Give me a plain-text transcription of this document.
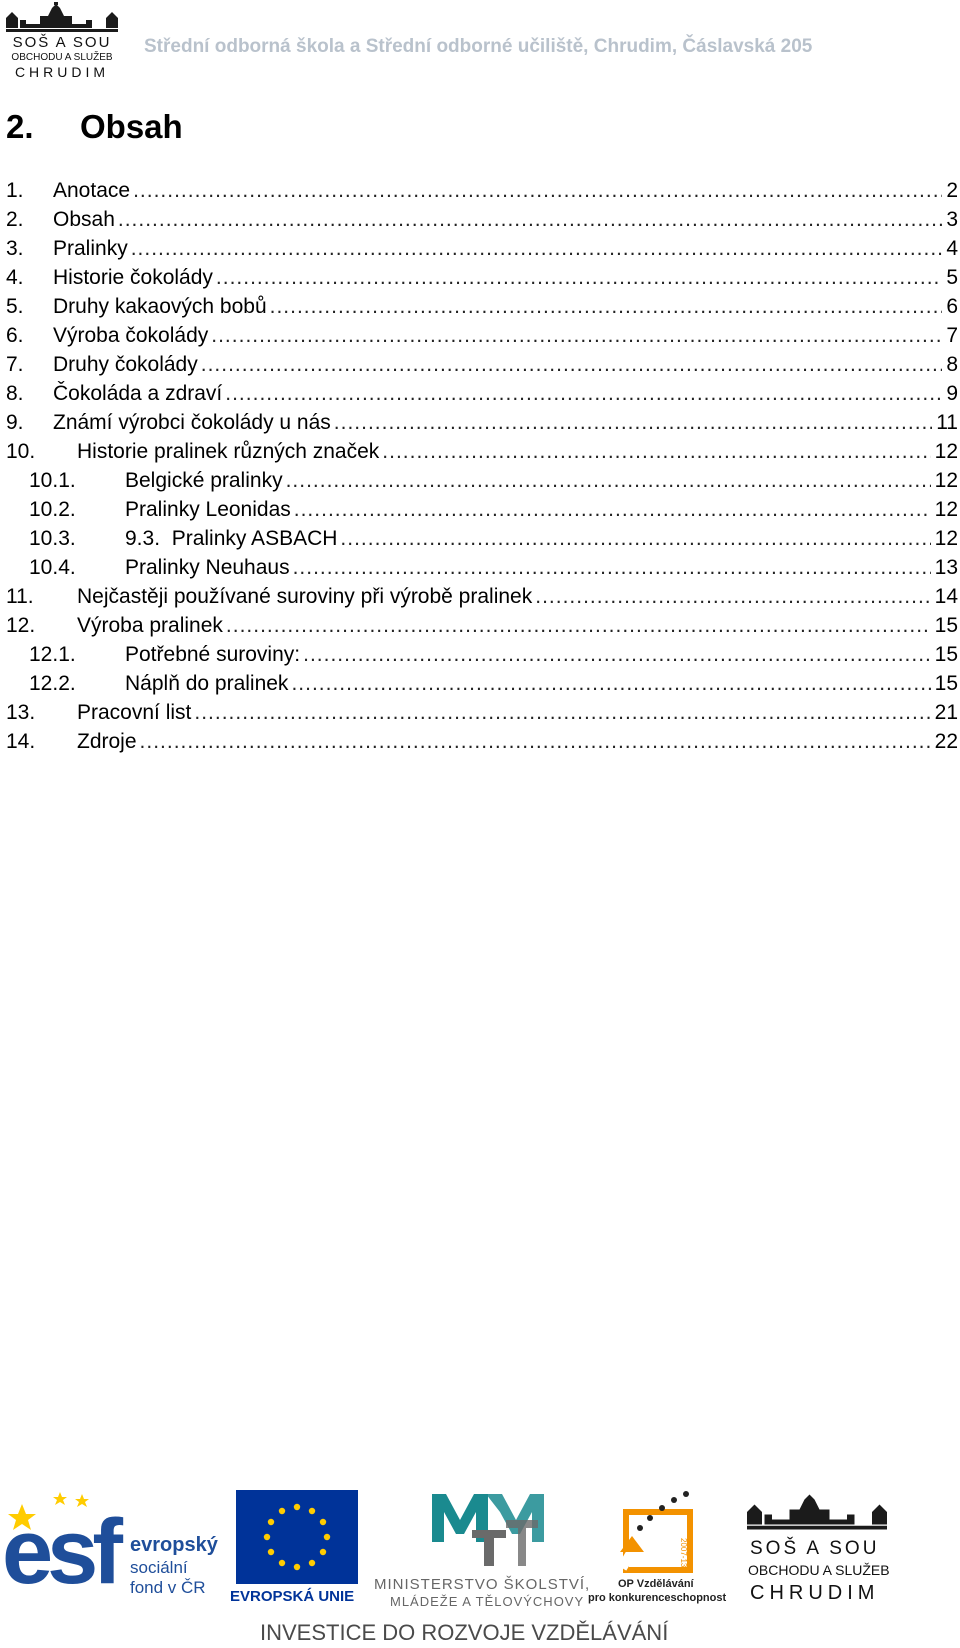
SOŠ A SOU
OBCHODU A SLUŽEB
CHRUDIM
Střední odborná škola a Střední odborné učiliště, Chrudim, Čáslavská 205
2. Obsah
1.	Anotace .....	2
2.	Obsah .....	3
3.	Pralinky .....	4
4.	Historie čokolády .....	5
5.	Druhy kakaových bobů .....	6
6.	Výroba čokolády .....	7
7.	Druhy čokolády .....	8
8.	Čokoláda a zdraví .....	9
9.	Známí výrobci čokolády u nás .....	11
10.	Historie pralinek různých značek .....	12
10.1.	Belgické pralinky .....	12
10.2.	Pralinky Leonidas .....	12
10.3.	9.3.  Pralinky ASBACH .....	12
10.4.	Pralinky Neuhaus .....	13
11.	Nejčastěji používané suroviny při výrobě pralinek .....	14
12.	Výroba pralinek .....	15
12.1.	Potřebné suroviny: .....	15
12.2.	Náplň do pralinek .....	15
13.	Pracovní list .....	21
14.	Zdroje .....	22
esf evropský
sociální
fond v ČR EVROPSKÁ UNIE
MINISTERSTVO ŠKOLSTVÍ,
MLÁDEŽE A TĚLOVÝCHOVY
2007-13
OP Vzdělávání
pro konkurenceschopnost
SOŠ A SOU
OBCHODU A SLUŽEB
CHRUDIM
INVESTICE DO ROZVOJE VZDĚLÁVÁNÍ
